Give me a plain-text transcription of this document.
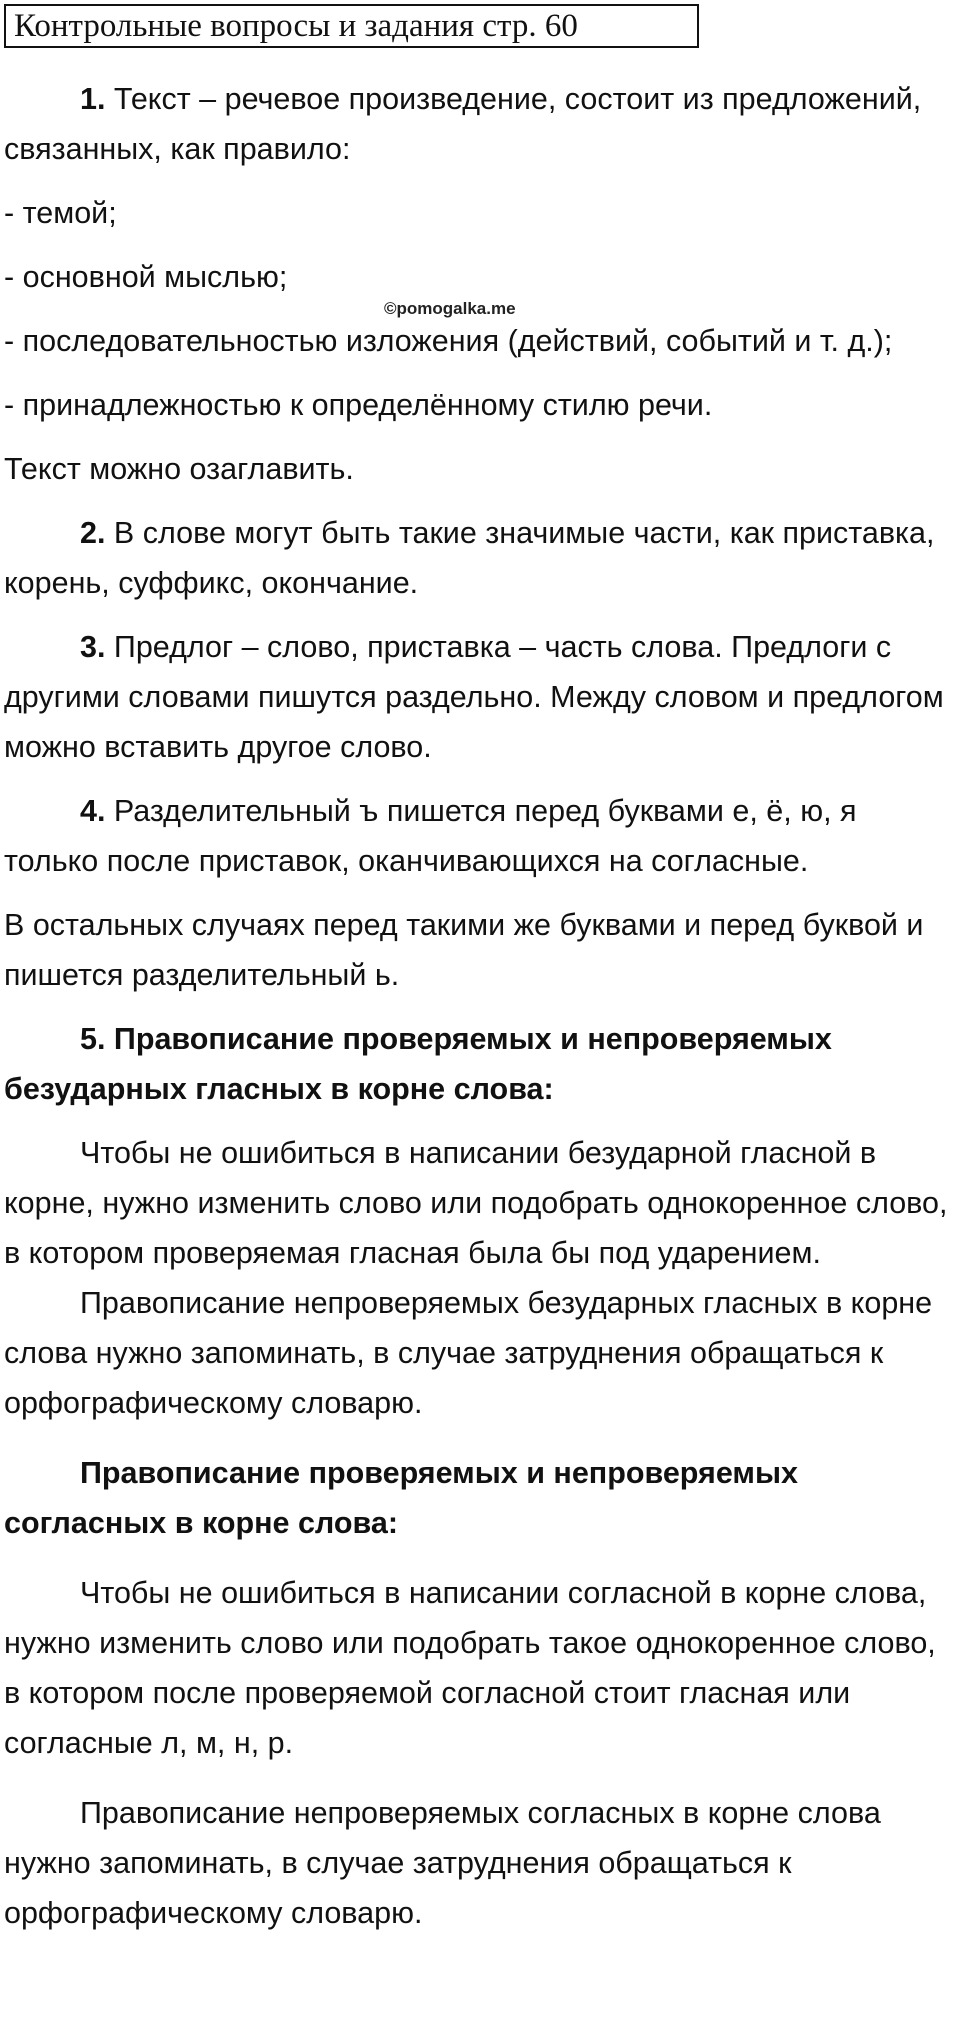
Контрольные вопросы и задания стр. 60
©pomogalka.me

1. Текст – речевое произведение, состоит из предложений, связанных, как правило:

- темой;

- основной мыслью;

- последовательностью изложения (действий, событий и т. д.);

- принадлежностью к определённому стилю речи.

Текст можно озаглавить.

2. В слове могут быть такие значимые части, как приставка, корень, суффикс, окончание.

3. Предлог – слово, приставка – часть слова. Предлоги с другими словами пишутся раздельно. Между словом и предлогом можно вставить другое слово.

4. Разделительный ъ пишется перед буквами е, ё, ю, я только после приставок, оканчивающихся на согласные.

В остальных случаях перед такими же буквами и перед буквой и пишется разделительный ь.

5. Правописание проверяемых и непроверяемых безударных гласных в корне слова:

Чтобы не ошибиться в написании безударной гласной в корне, нужно изменить слово или подобрать однокоренное слово, в котором проверяемая гласная была бы под ударением.

Правописание непроверяемых безударных гласных в корне слова нужно запоминать, в случае затруднения обращаться к орфографическому словарю.

Правописание проверяемых и непроверяемых согласных в корне слова:

Чтобы не ошибиться в написании согласной в корне слова, нужно изменить слово или подобрать такое однокоренное слово, в котором после проверяемой согласной стоит гласная или согласные л, м, н, р.

Правописание непроверяемых согласных в корне слова нужно запоминать, в случае затруднения обращаться к орфографическому словарю.
